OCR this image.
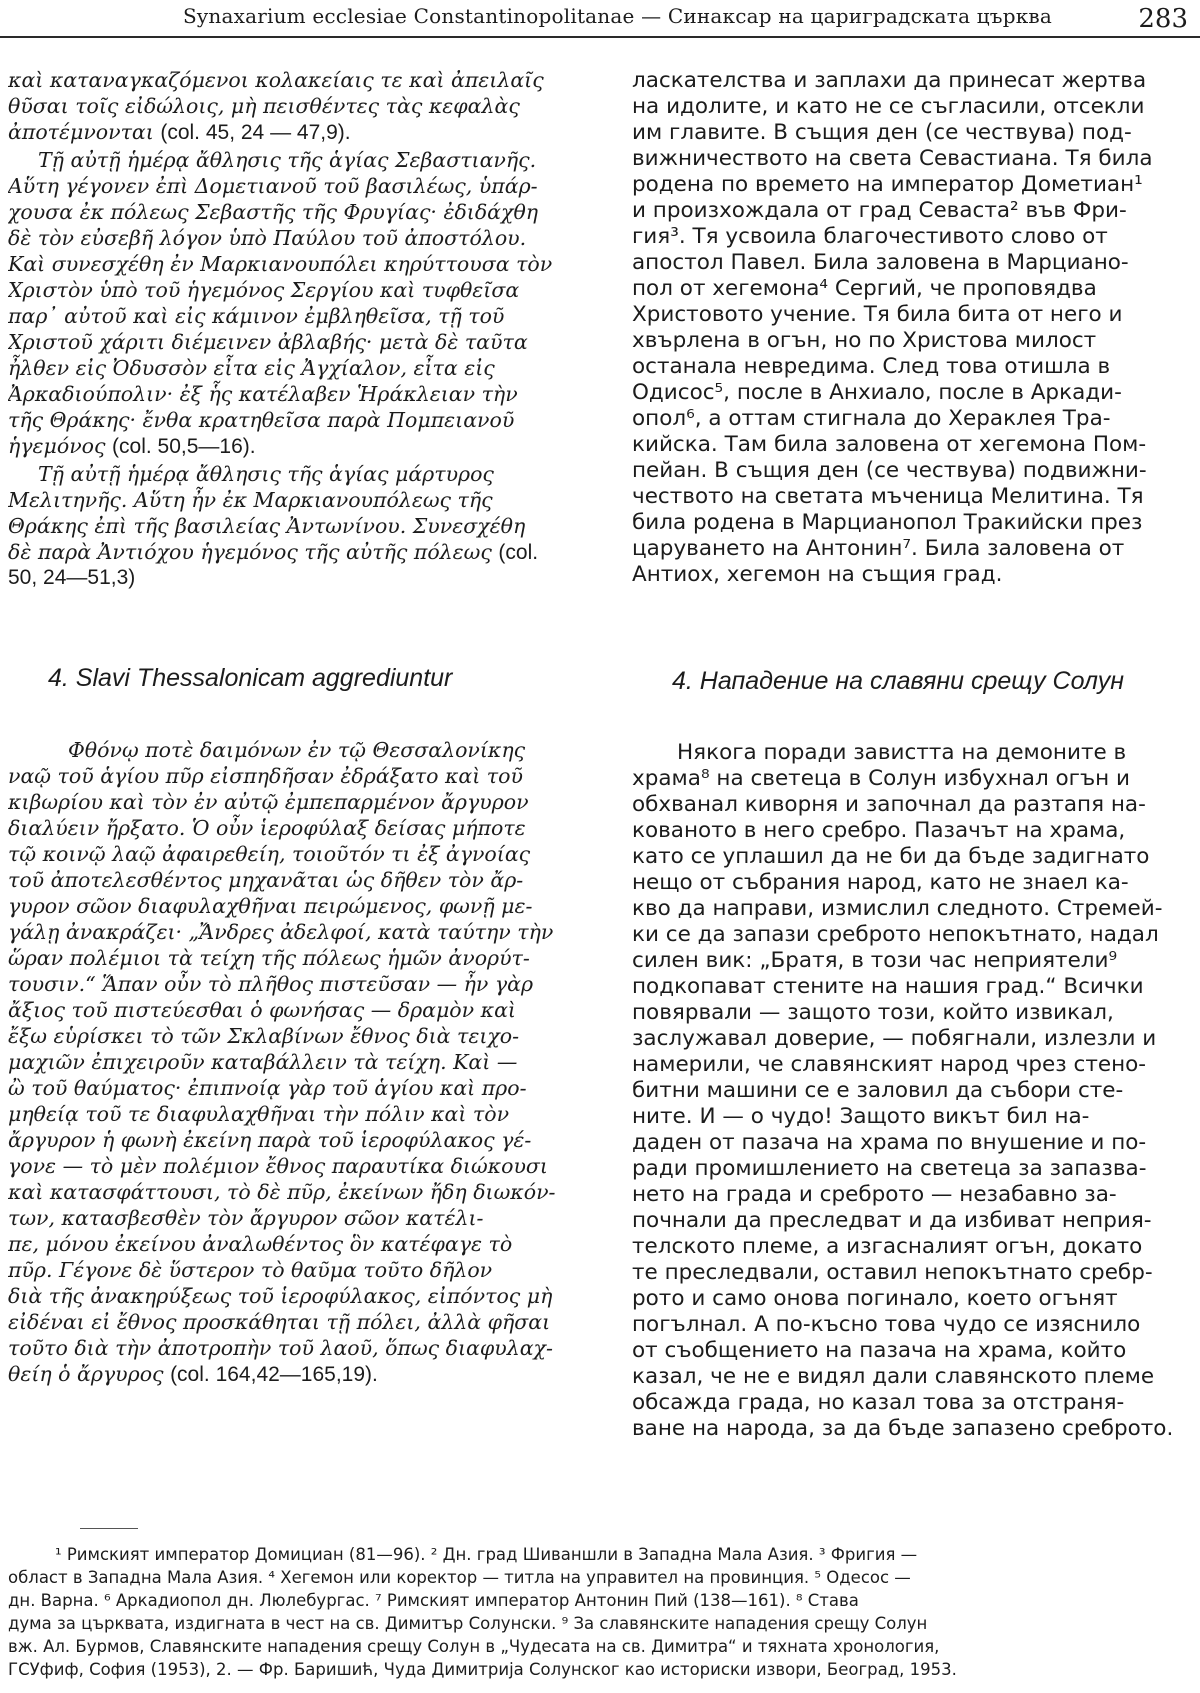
Synaxarium ecclesiae Constantinopolitanae — Синаксар на цариградската църква	283
καὶ καταναγκαζόμενοι κολακείαις τε καὶ ἀπειλαῖς
θῦσαι τοῖς εἰδώλοις, μὴ πεισθέντες τὰς κεφαλὰς
ἀποτέμνονται (col. 45, 24 — 47,9).
Τῇ αὐτῇ ἡμέρᾳ ἄθλησις τῆς ἁγίας Σεβαστιανῆς.
Αὕτη γέγονεν ἐπὶ Δομετιανοῦ τοῦ βασιλέως, ὑπάρ-
χουσα ἐκ πόλεως Σεβαστῆς τῆς Φρυγίας· ἐδιδάχθη
δὲ τὸν εὐσεβῆ λόγον ὑπὸ Παύλου τοῦ ἀποστόλου.
Καὶ συνεσχέθη ἐν Μαρκιανουπόλει κηρύττουσα τὸν
Χριστὸν ὑπὸ τοῦ ἡγεμόνος Σεργίου καὶ τυφθεῖσα
παρ᾽ αὐτοῦ καὶ εἰς κάμινον ἐμβληθεῖσα, τῇ τοῦ
Χριστοῦ χάριτι διέμεινεν ἀβλαβής· μετὰ δὲ ταῦτα
ἦλθεν εἰς Ὀδυσσὸν εἶτα εἰς Ἀγχίαλον, εἶτα εἰς
Ἀρκαδιούπολιν· ἐξ ἧς κατέλαβεν Ἡράκλειαν τὴν
τῆς Θράκης· ἔνθα κρατηθεῖσα παρὰ Πομπειανοῦ
ἡγεμόνος (col. 50,5—16).
Τῇ αὐτῇ ἡμέρᾳ ἄθλησις τῆς ἁγίας μάρτυρος
Μελιτηνῆς. Αὕτη ἦν ἐκ Μαρκιανουπόλεως τῆς
Θράκης ἐπὶ τῆς βασιλείας Ἀντωνίνου. Συνεσχέθη
δὲ παρὰ Ἀντιόχου ἡγεμόνος τῆς αὐτῆς πόλεως (col.
50, 24—51,3)
ласкателства и заплахи да принесат жертва
на идолите, и като не се съгласили, отсекли
им главите. В същия ден (се чествува) под-
вижничеството на света Севастиана. Тя била
родена по времето на император Дометиан¹
и произхождала от град Севаста² във Фри-
гия³. Тя усвоила благочестивото слово от
апостол Павел. Била заловена в Марциано-
пол от хегемона⁴ Сергий, че проповядва
Христовото учение. Тя била бита от него и
хвърлена в огън, но по Христова милост
останала невредима. След това отишла в
Одисос⁵, после в Анхиало, после в Аркади-
опол⁶, а оттам стигнала до Хераклея Тра-
кийска. Там била заловена от хегемона Пом-
пейан. В същия ден (се чествува) подвижни-
чеството на светата мъченица Мелитина. Тя
била родена в Марцианопол Тракийски през
царуването на Антонин⁷. Била заловена от
Антиох, хегемон на същия град.
4. Slavi Thessalonicam aggrediuntur	4. Нападение на славяни срещу Солун
Φθόνῳ ποτὲ δαιμόνων ἐν τῷ Θεσσαλονίκης
ναῷ τοῦ ἁγίου πῦρ εἰσπηδῆσαν ἐδράξατο καὶ τοῦ
κιβωρίου καὶ τὸν ἐν αὐτῷ ἐμπεπαρμένον ἄργυρον
διαλύειν ἤρξατο. Ὁ οὖν ἱεροφύλαξ δείσας μήποτε
τῷ κοινῷ λαῷ ἀφαιρεθείη, τοιοῦτόν τι ἐξ ἀγνοίας
τοῦ ἀποτελεσθέντος μηχανᾶται ὡς δῆθεν τὸν ἄρ-
γυρον σῶον διαφυλαχθῆναι πειρώμενος, φωνῇ με-
γάλῃ ἀνακράζει· „Ἄνδρες ἀδελφοί, κατὰ ταύτην τὴν
ὥραν πολέμιοι τὰ τείχη τῆς πόλεως ἡμῶν ἀνορύτ-
τουσιν.“ Ἅπαν οὖν τὸ πλῆθος πιστεῦσαν — ἦν γὰρ
ἄξιος τοῦ πιστεύεσθαι ὁ φωνήσας — δραμὸν καὶ
ἔξω εὑρίσκει τὸ τῶν Σκλαβίνων ἔθνος διὰ τειχο-
μαχιῶν ἐπιχειροῦν καταβάλλειν τὰ τείχη. Καὶ —
ὢ τοῦ θαύματος· ἐπιπνοίᾳ γὰρ τοῦ ἁγίου καὶ προ-
μηθείᾳ τοῦ τε διαφυλαχθῆναι τὴν πόλιν καὶ τὸν
ἄργυρον ἡ φωνὴ ἐκείνη παρὰ τοῦ ἱεροφύλακος γέ-
γονε — τὸ μὲν πολέμιον ἔθνος παραυτίκα διώκουσι
καὶ κατασφάττουσι, τὸ δὲ πῦρ, ἐκείνων ἤδη διωκόν-
των, κατασβεσθὲν τὸν ἄργυρον σῶον κατέλι-
πε, μόνου ἐκείνου ἀναλωθέντος ὃν κατέφαγε τὸ
πῦρ. Γέγονε δὲ ὕστερον τὸ θαῦμα τοῦτο δῆλον
διὰ τῆς ἀνακηρύξεως τοῦ ἱεροφύλακος, εἰπόντος μὴ
εἰδέναι εἰ ἔθνος προσκάθηται τῇ πόλει, ἀλλὰ φῆσαι
τοῦτο διὰ τὴν ἀποτροπὴν τοῦ λαοῦ, ὅπως διαφυλαχ-
θείη ὁ ἄργυρος (col. 164,42—165,19).
Някога поради завистта на демоните в
храма⁸ на светеца в Солун избухнал огън и
обхванал киворня и започнал да разтапя на-
кованото в него сребро. Пазачът на храма,
като се уплашил да не би да бъде задигнато
нещо от събрания народ, като не знаел ка-
кво да направи, измислил следното. Стремей-
ки се да запази среброто непокътнато, надал
силен вик: „Братя, в този час неприятели⁹
подкопават стените на нашия град.“ Всички
повярвали — защото този, който извикал,
заслужавал доверие, — побягнали, излезли и
намерили, че славянският народ чрез стено-
битни машини се е заловил да събори сте-
ните. И — о чудо! Защото викът бил на-
даден от пазача на храма по внушение и по-
ради промишлението на светеца за запазва-
нето на града и среброто — незабавно за-
почнали да преследват и да избиват неприя-
телското племе, а изгасналият огън, докато
те преследвали, оставил непокътнато сребр-
рото и само онова погинало, което огънят
погълнал. А по-късно това чудо се изяснило
от съобщението на пазача на храма, който
казал, че не е видял дали славянското племе
обсажда града, но казал това за отстраня-
ване на народа, за да бъде запазено среброто.
¹ Римският император Домициан (81—96). ² Дн. град Шиваншли в Западна Мала Азия. ³ Фригия —
област в Западна Мала Азия. ⁴ Хегемон или коректор — титла на управител на провинция. ⁵ Одесос —
дн. Варна. ⁶ Аркадиопол дн. Люлебургас. ⁷ Римският император Антонин Пий (138—161). ⁸ Става
дума за църквата, издигната в чест на св. Димитър Солунски. ⁹ За славянските нападения срещу Солун
вж. Ал. Бурмов, Славянските нападения срещу Солун в „Чудесата на св. Димитра“ и тяхната хронология,
ГСУфиф, София (1953), 2. — Фр. Баришић, Чуда Димитрија Солунског као историски извори, Београд, 1953.
